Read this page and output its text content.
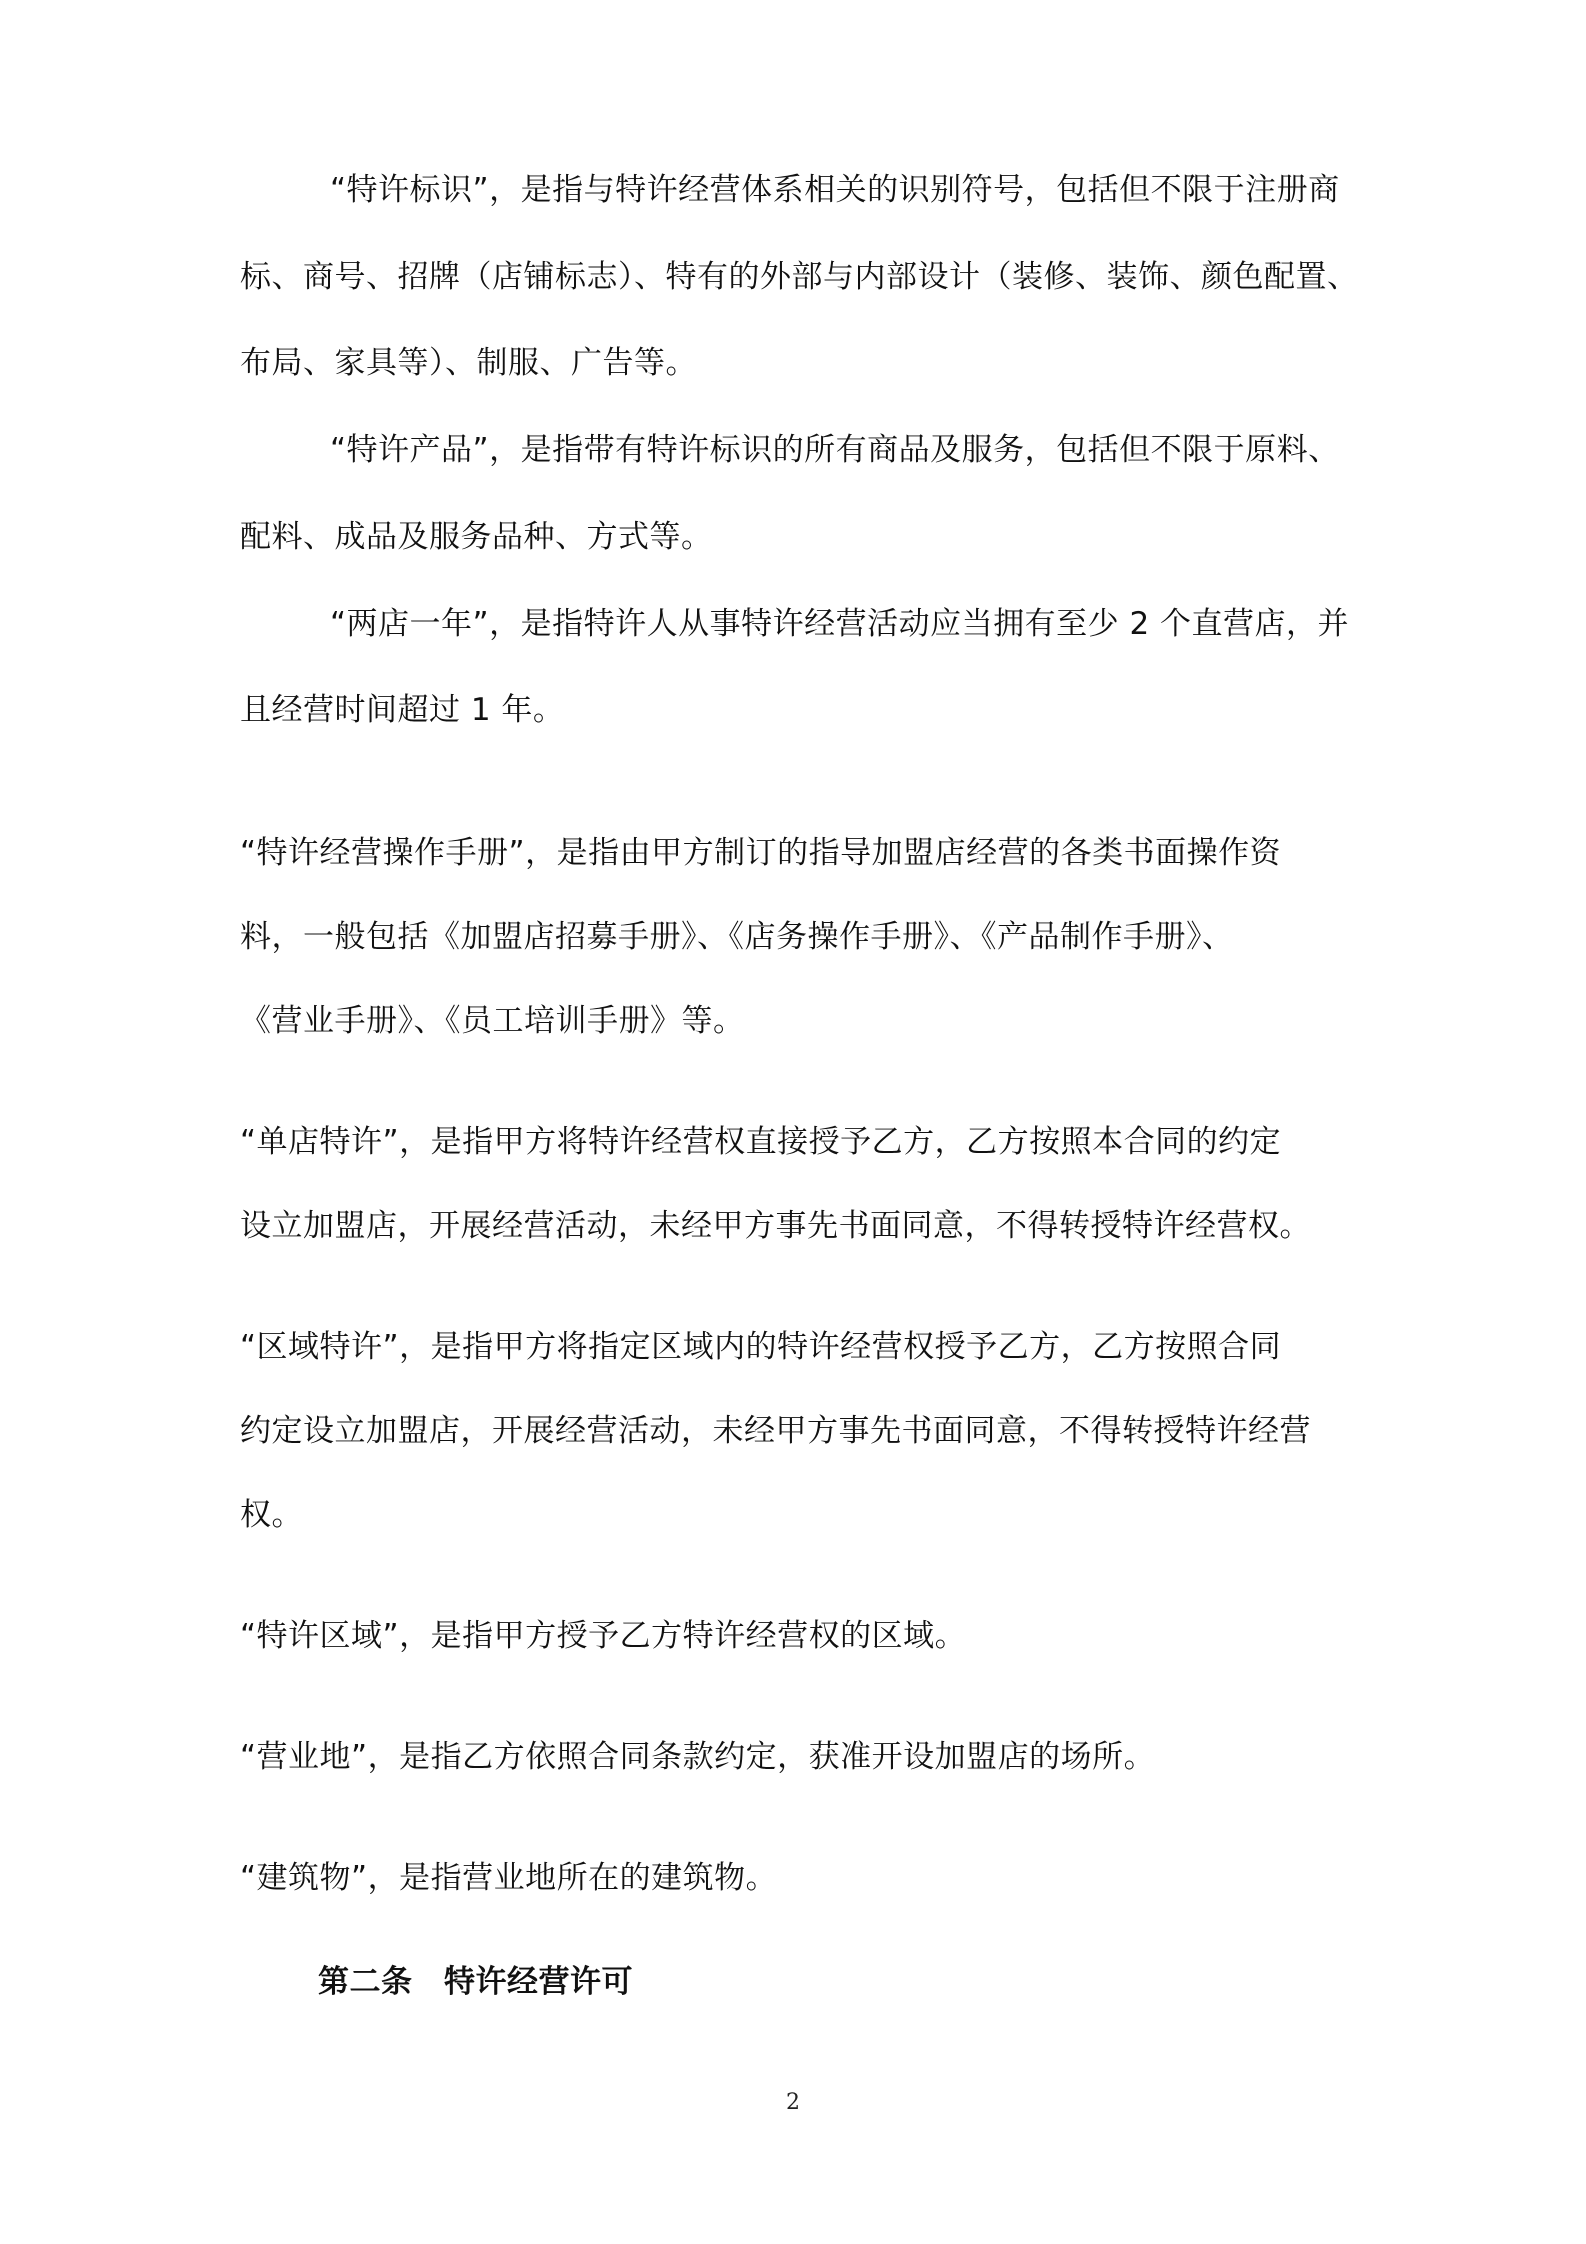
“特许标识”，是指与特许经营体系相关的识别符号，包括但不限于注册商
标、商号、招牌（店铺标志）、特有的外部与内部设计（装修、装饰、颜色配置、
布局、家具等）、制服、广告等。
“特许产品”，是指带有特许标识的所有商品及服务，包括但不限于原料、
配料、成品及服务品种、方式等。
“两店一年”，是指特许人从事特许经营活动应当拥有至少 2 个直营店，并
且经营时间超过 1 年。
“特许经营操作手册”，是指由甲方制订的指导加盟店经营的各类书面操作资
料，一般包括《加盟店招募手册》、《店务操作手册》、《产品制作手册》、
《营业手册》、《员工培训手册》等。
“单店特许”，是指甲方将特许经营权直接授予乙方，乙方按照本合同的约定
设立加盟店，开展经营活动，未经甲方事先书面同意，不得转授特许经营权。
“区域特许”，是指甲方将指定区域内的特许经营权授予乙方，乙方按照合同
约定设立加盟店，开展经营活动，未经甲方事先书面同意，不得转授特许经营
权。
“特许区域”，是指甲方授予乙方特许经营权的区域。
“营业地”，是指乙方依照合同条款约定，获准开设加盟店的场所。
“建筑物”，是指营业地所在的建筑物。
第二条　特许经营许可
2
